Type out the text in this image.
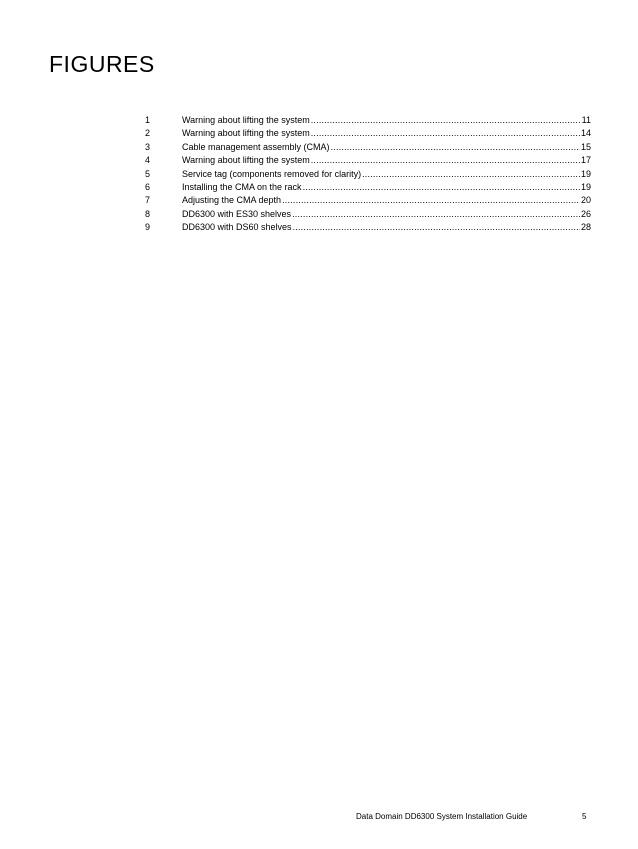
FIGURES
1	Warning about lifting the system .....	11
2	Warning about lifting the system .....	14
3	Cable management assembly (CMA) .....	15
4	Warning about lifting the system .....	17
5	Service tag (components removed for clarity) .....	19
6	Installing the CMA on the rack .....	19
7	Adjusting the CMA depth .....	20
8	DD6300 with ES30 shelves .....	26
9	DD6300 with DS60 shelves .....	28
Data Domain DD6300 System Installation Guide	5
